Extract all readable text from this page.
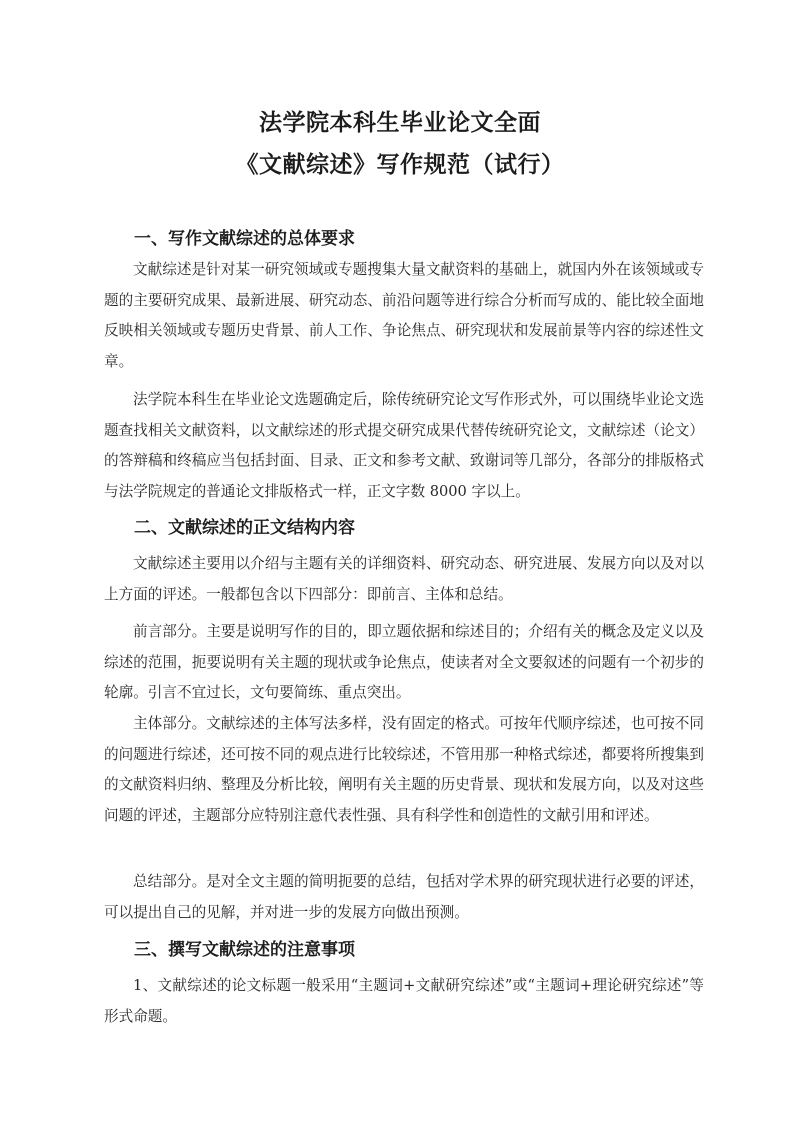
法学院本科生毕业论文全面
《文献综述》写作规范（试行）
一、写作文献综述的总体要求
文献综述是针对某一研究领域或专题搜集大量文献资料的基础上，就国内外在该领域或专题的主要研究成果、最新进展、研究动态、前沿问题等进行综合分析而写成的、能比较全面地反映相关领域或专题历史背景、前人工作、争论焦点、研究现状和发展前景等内容的综述性文章。
法学院本科生在毕业论文选题确定后，除传统研究论文写作形式外，可以围绕毕业论文选题查找相关文献资料，以文献综述的形式提交研究成果代替传统研究论文，文献综述（论文）的答辩稿和终稿应当包括封面、目录、正文和参考文献、致谢词等几部分，各部分的排版格式与法学院规定的普通论文排版格式一样，正文字数 8000 字以上。
二、文献综述的正文结构内容
文献综述主要用以介绍与主题有关的详细资料、研究动态、研究进展、发展方向以及对以上方面的评述。一般都包含以下四部分：即前言、主体和总结。
前言部分。主要是说明写作的目的，即立题依据和综述目的；介绍有关的概念及定义以及综述的范围，扼要说明有关主题的现状或争论焦点，使读者对全文要叙述的问题有一个初步的轮廓。引言不宜过长，文句要简练、重点突出。
主体部分。文献综述的主体写法多样，没有固定的格式。可按年代顺序综述，也可按不同的问题进行综述，还可按不同的观点进行比较综述，不管用那一种格式综述，都要将所搜集到的文献资料归纳、整理及分析比较，阐明有关主题的历史背景、现状和发展方向，以及对这些问题的评述，主题部分应特别注意代表性强、具有科学性和创造性的文献引用和评述。
总结部分。是对全文主题的简明扼要的总结，包括对学术界的研究现状进行必要的评述，可以提出自己的见解，并对进一步的发展方向做出预测。
三、撰写文献综述的注意事项
1、文献综述的论文标题一般采用“主题词+文献研究综述”或“主题词+理论研究综述”等形式命题。
